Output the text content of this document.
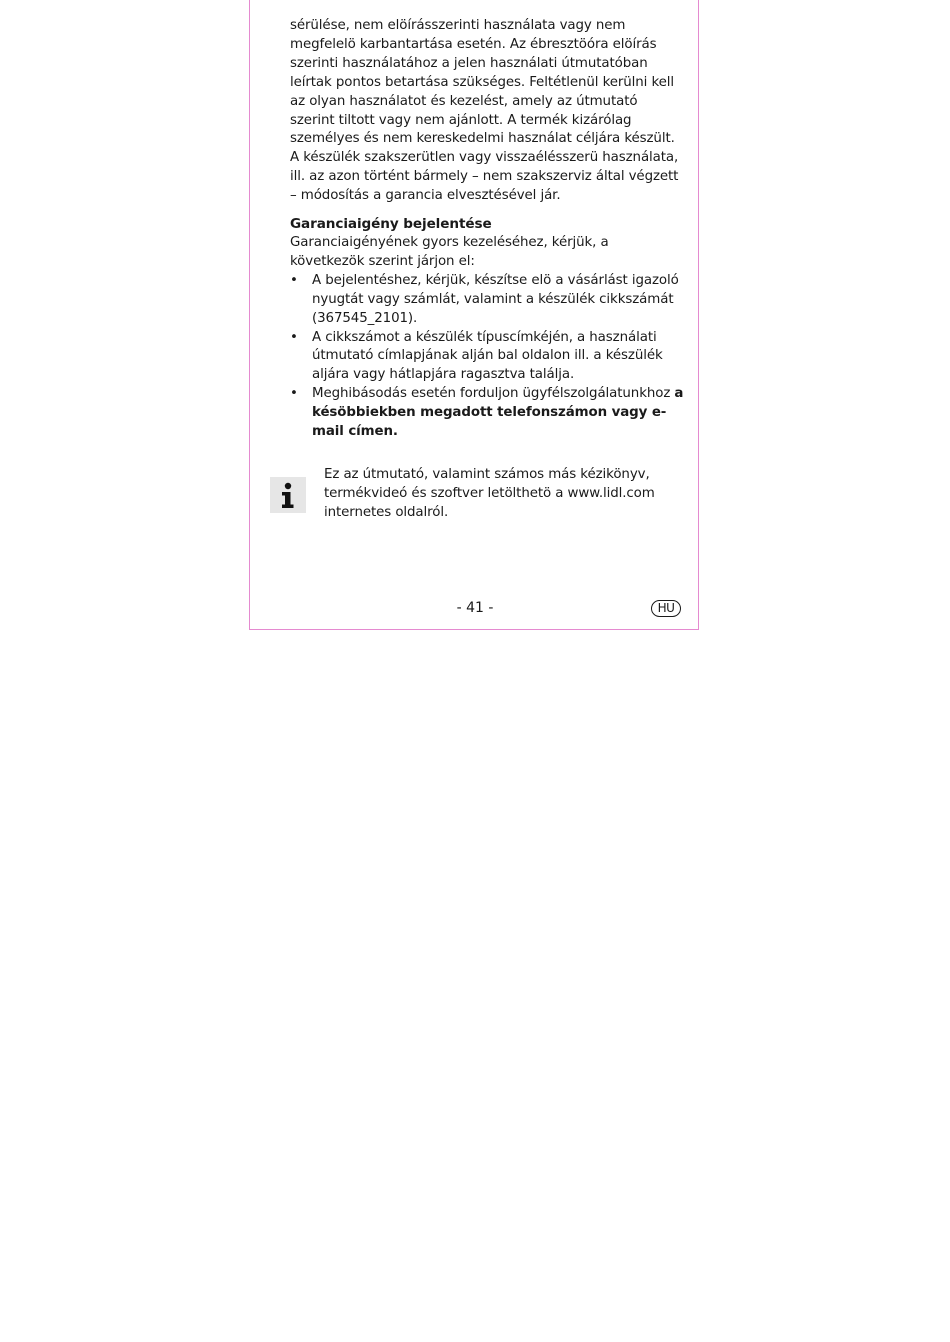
sérülése, nem elöírásszerinti használata vagy nem megfelelö karbantartása esetén. Az ébresztöóra elöírás szerinti használatához a jelen használati útmutatóban leírtak pontos betartása szükséges. Feltétlenül kerülni kell az olyan használatot és kezelést, amely az útmutató szerint tiltott vagy nem ajánlott. A termék kizárólag személyes és nem kereskedelmi használat céljára készült. A készülék szakszerütlen vagy visszaélésszerü használata, ill. az azon történt bármely – nem szakszerviz által végzett – módosítás a garancia elvesztésével jár.

Garanciaigény bejelentése

Garanciaigényének gyors kezeléséhez, kérjük, a következök szerint járjon el:

• A bejelentéshez, kérjük, készítse elö a vásárlást igazoló nyugtát vagy számlát, valamint a készülék cikkszámát (367545_2101).
• A cikkszámot a készülék típuscímkéjén, a használati útmutató címlapjának alján bal oldalon ill. a készülék aljára vagy hátlapjára ragasztva találja.
• Meghibásodás esetén forduljon ügyfélszolgálatunkhoz a késöbbiekben megadott telefonszámon vagy e-mail címen.
Ez az útmutató, valamint számos más kézikönyv, termékvideó és szoftver letölthetö a www.lidl.com internetes oldalról.
- 41 -	HU
